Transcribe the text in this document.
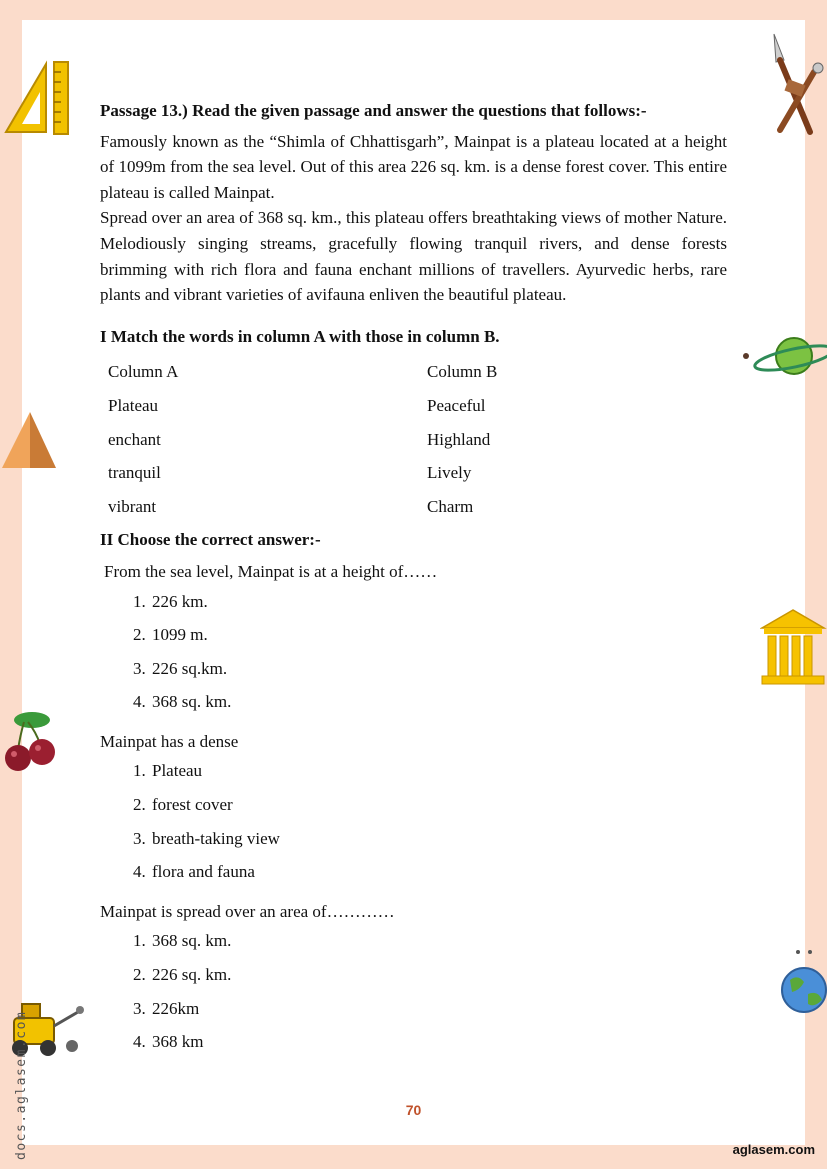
Passage 13.) Read the given passage and answer the questions that follows:-

Famously known as the “Shimla of Chhattisgarh”, Mainpat is a plateau located at a height of 1099m from the sea level. Out of this area 226 sq. km. is a dense forest cover. This entire plateau is called Mainpat.

Spread over an area of 368 sq. km., this plateau offers breathtaking views of mother Nature. Melodiously singing streams, gracefully flowing tranquil rivers, and dense forests brimming with rich flora and fauna enchant millions of travellers. Ayurvedic herbs, rare plants and vibrant varieties of avifauna enliven the beautiful plateau.

I Match the words in column A with those in column B.

Column A	Column B
Plateau	Peaceful
enchant	Highland
tranquil	Lively
vibrant	Charm

II Choose the correct answer:-

From the sea level, Mainpat is at a height of……

1. 226 km.
2. 1099 m.
3. 226 sq.km.
4. 368 sq. km.

Mainpat has a dense

1. Plateau
2. forest cover
3. breath-taking view
4. flora and fauna

Mainpat is spread over an area of…………

1. 368 sq. km.
2. 226 sq. km.
3. 226km
4. 368 km
70
docs.aglasem.com	aglasem.com
